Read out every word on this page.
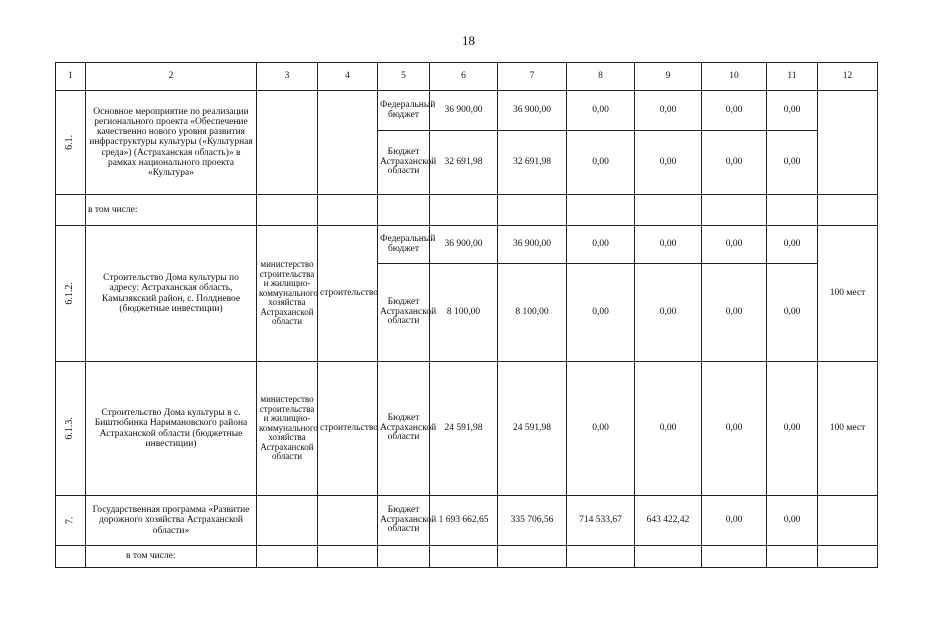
18
1	2	3	4	5	6	7	8	9	10	11	12
6.1.	Основное мероприятие по реализации регионального проекта «Обеспечение качественно нового уровня развития инфраструктуры культуры («Культурная среда») (Астраханская область)» в рамках национального проекта «Культура»			Федеральный бюджет	36 900,00	36 900,00	0,00	0,00	0,00	0,00	
				Бюджет Астраханской области	32 691,98	32 691,98	0,00	0,00	0,00	0,00	
	в том числе:										
6.1.2.	Строительство Дома культуры по адресу: Астраханская область, Камызякский район, с. Полдневое (бюджетные инвестиции)	министерство строительства и жилищно-коммунального хозяйства Астраханской области	строительство	Федеральный бюджет	36 900,00	36 900,00	0,00	0,00	0,00	0,00	100 мест
				Бюджет Астраханской области	8 100,00	8 100,00	0,00	0,00	0,00	0,00	
6.1.3.	Строительство Дома культуры в с. Биштюбинка Наримановского района Астраханской области (бюджетные инвестиции)	министерство строительства и жилищно-коммунального хозяйства Астраханской области	строительство	Бюджет Астраханской области	24 591,98	24 591,98	0,00	0,00	0,00	0,00	100 мест
7.	Государственная программа «Развитие дорожного хозяйства Астраханской области»			Бюджет Астраханской области	1 693 662,65	335 706,56	714 533,67	643 422,42	0,00	0,00	
	в том числе:										
